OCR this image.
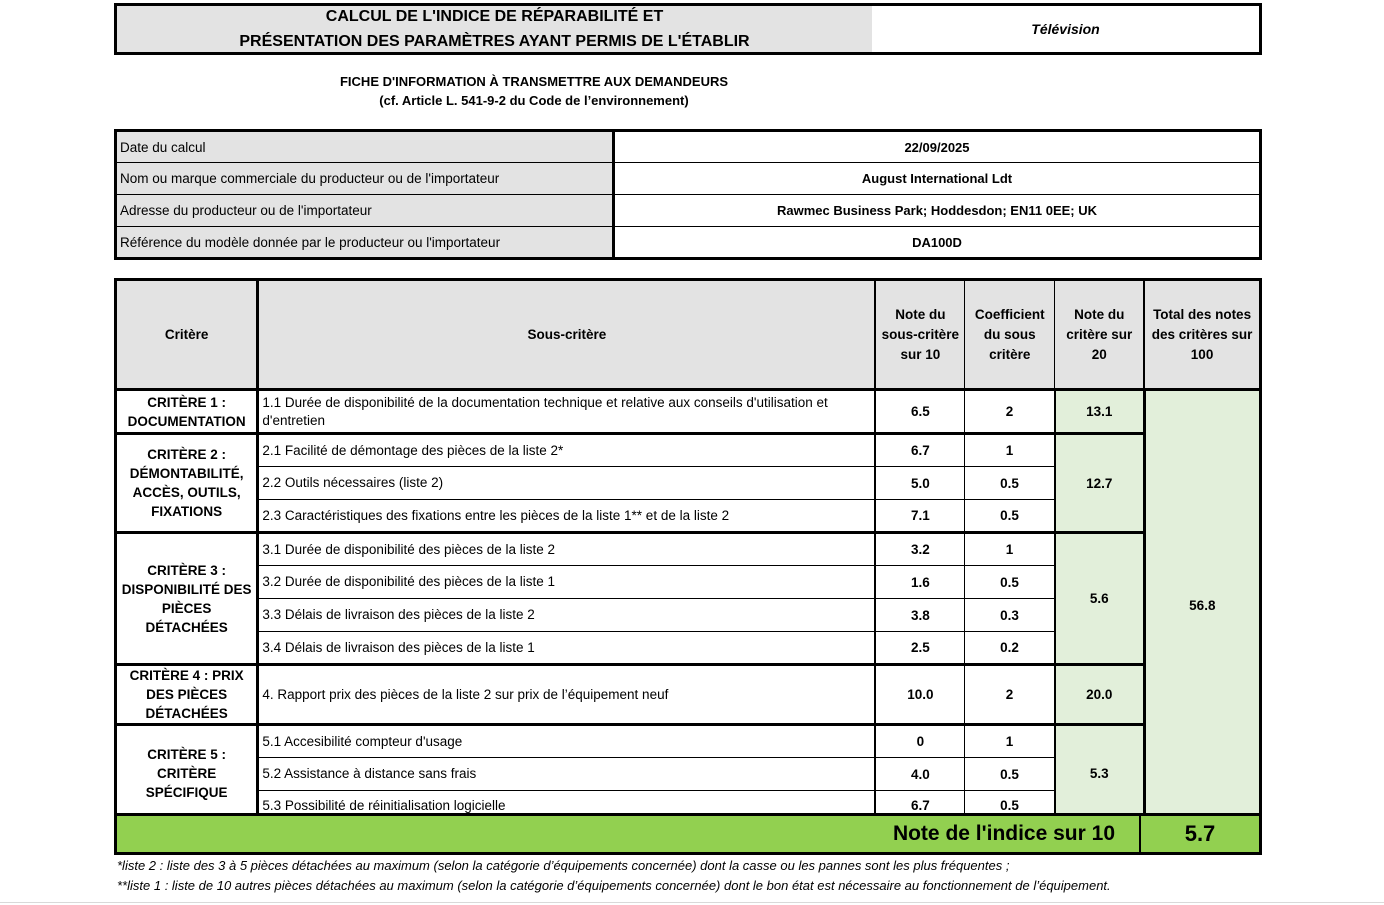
CALCUL DE L'INDICE DE RÉPARABILITÉ ET
PRÉSENTATION DES PARAMÈTRES AYANT PERMIS DE L'ÉTABLIR
Télévision
FICHE D'INFORMATION À TRANSMETTRE AUX DEMANDEURS
(cf. Article L. 541-9-2 du Code de l’environnement)
Date du calcul	22/09/2025
Nom ou marque commerciale du producteur ou de l'importateur	August International Ldt
Adresse du producteur ou de l'importateur	Rawmec Business Park; Hoddesdon; EN11 0EE; UK
Référence du modèle donnée par le producteur ou l'importateur	DA100D
Critère	Sous-critère	Note du sous-critère sur 10	Coefficient du sous critère	Note du critère sur 20	Total des notes des critères sur 100
CRITÈRE 1 : DOCUMENTATION	1.1 Durée de disponibilité de la documentation technique et relative aux conseils d'utilisation et d'entretien	6.5	2	13.1	56.8
CRITÈRE 2 : DÉMONTABILITÉ, ACCÈS, OUTILS, FIXATIONS	2.1 Facilité de démontage des pièces de la liste 2*	6.7	1	12.7	
	2.2 Outils nécessaires (liste 2)	5.0	0.5		
	2.3 Caractéristiques des fixations entre les pièces de la liste 1** et de la liste 2	7.1	0.5		
CRITÈRE 3 : DISPONIBILITÉ DES PIÈCES DÉTACHÉES	3.1 Durée de disponibilité des pièces de la liste 2	3.2	1	5.6	
	3.2 Durée de disponibilité des pièces de la liste 1	1.6	0.5		
	3.3 Délais de livraison des pièces de la liste 2	3.8	0.3		
	3.4 Délais de livraison des pièces de la liste 1	2.5	0.2		
CRITÈRE 4 : PRIX DES PIÈCES DÉTACHÉES	4. Rapport prix des pièces de la liste 2 sur prix de l’équipement neuf	10.0	2	20.0	
CRITÈRE 5 : CRITÈRE SPÉCIFIQUE	5.1 Accesibilité compteur d'usage	0	1	5.3	
	5.2 Assistance à distance sans frais	4.0	0.5		
	5.3 Possibilité de réinitialisation logicielle	6.7	0.5		
Note de l'indice sur 10	5.7
*liste 2 : liste des 3 à 5 pièces détachées au maximum (selon la catégorie d’équipements concernée) dont la casse ou les pannes sont les plus fréquentes ;
**liste 1 : liste de 10 autres pièces détachées au maximum (selon la catégorie d’équipements concernée) dont le bon état est nécessaire au fonctionnement de l’équipement.
